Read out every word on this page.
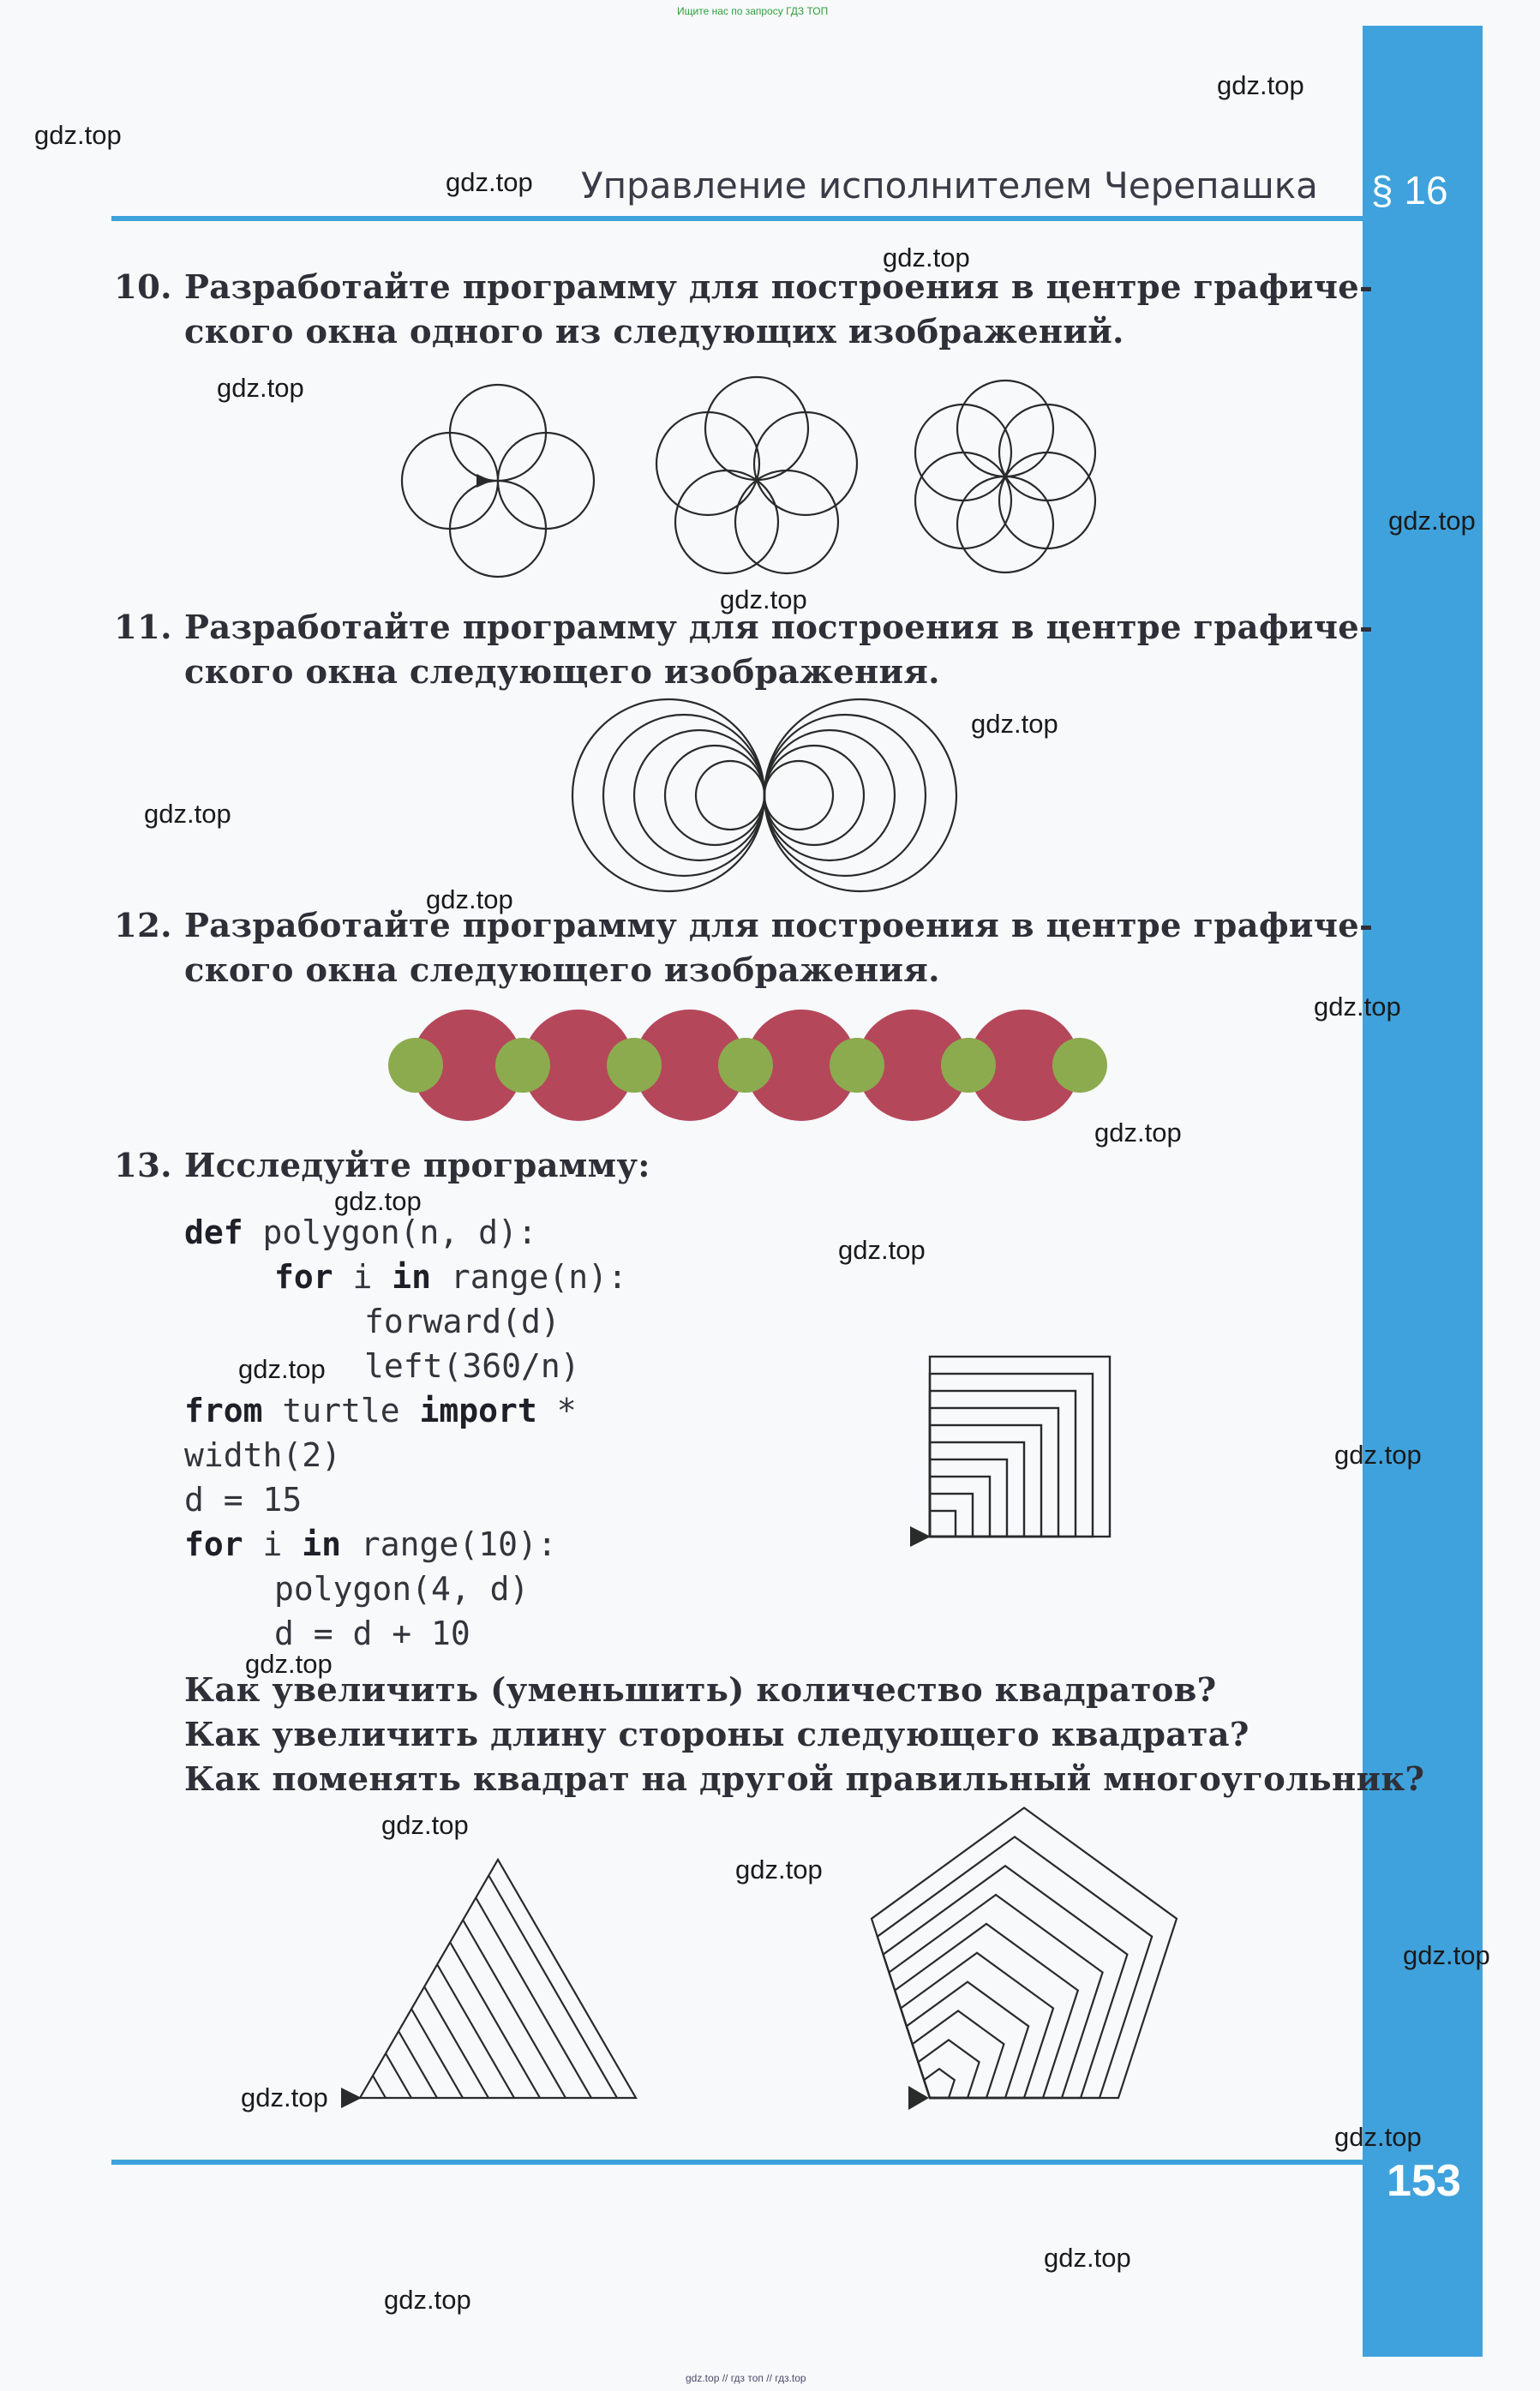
Ищите нас по запросу ГДЗ ТОП
gdz.top // гдз топ // гдз.top
§ 16
153
Управление исполнителем Черепашка
10. Разработайте программу для построения в центре графиче-
ского окна одного из следующих изображений.
11. Разработайте программу для построения в центре графиче-
ского окна следующего изображения.
12. Разработайте программу для построения в центре графиче-
ского окна следующего изображения.
13. Исследуйте программу:
def polygon(n, d):
for i in range(n):
forward(d)
left(360/n)
from turtle import *
width(2)
d = 15
for i in range(10):
polygon(4, d)
d = d + 10
Как увеличить (уменьшить) количество квадратов?
Как увеличить длину стороны следующего квадрата?
Как поменять квадрат на другой правильный многоугольник?
gdz.top
gdz.top
gdz.top
gdz.top
gdz.top
gdz.top
gdz.top
gdz.top
gdz.top
gdz.top
gdz.top
gdz.top
gdz.top
gdz.top
gdz.top
gdz.top
gdz.top
gdz.top
gdz.top
gdz.top
gdz.top
gdz.top
gdz.top
gdz.top
